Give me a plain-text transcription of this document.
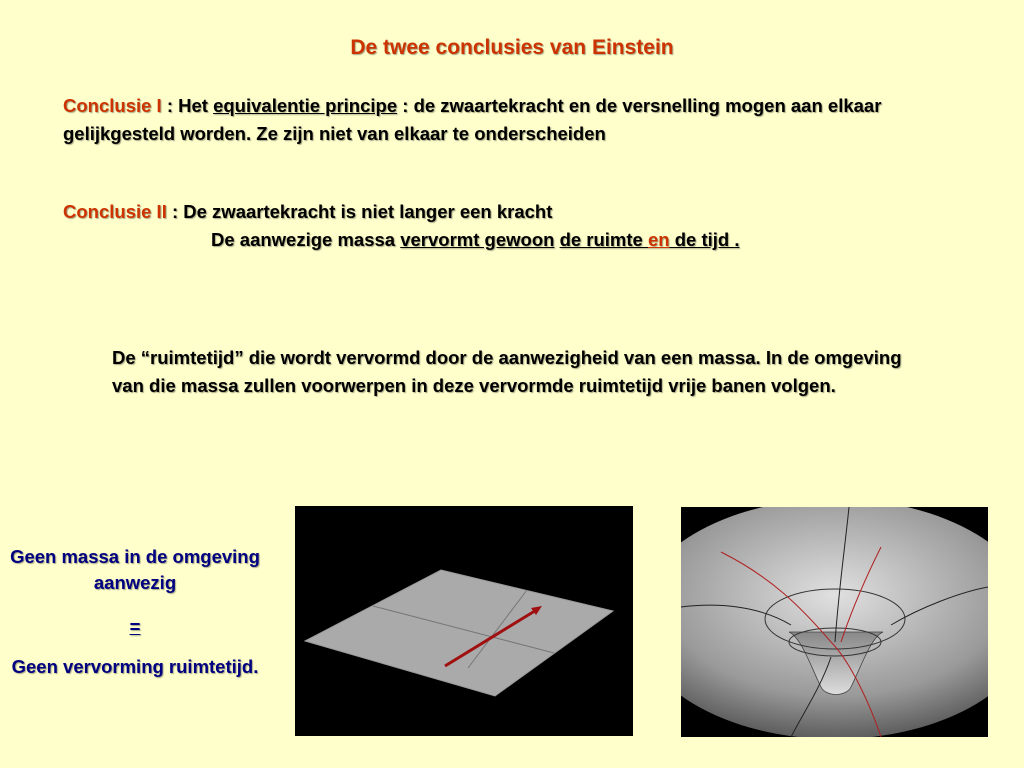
De twee conclusies van Einstein
Conclusie I : Het equivalentie principe : de zwaartekracht en de versnelling mogen aan elkaar gelijkgesteld worden. Ze zijn niet van elkaar te onderscheiden
Conclusie II : De zwaartekracht is niet langer een kracht
De aanwezige massa vervormt gewoon de ruimte en de tijd .
De “ruimtetijd” die wordt vervormd door de aanwezigheid van een massa. In de omgeving van die massa zullen voorwerpen in deze vervormde ruimtetijd vrije banen volgen.
Geen massa in de omgeving aanwezig
=
Geen vervorming ruimtetijd.
